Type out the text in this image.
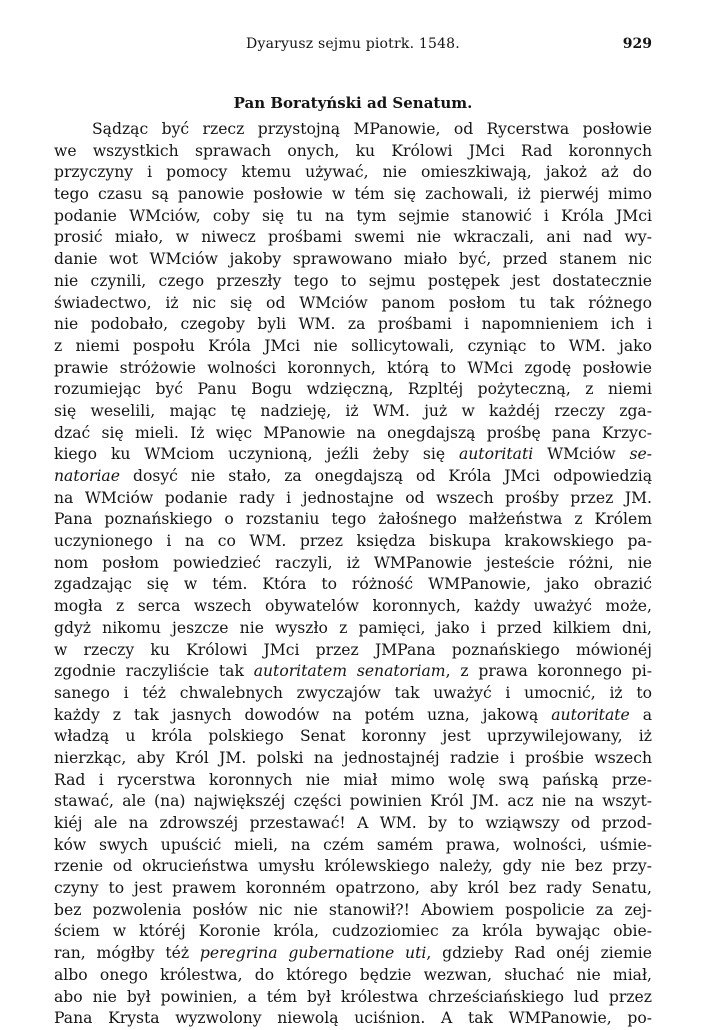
Dyaryusz sejmu piotrk. 1548.	929
Pan Boratyński ad Senatum.
Sądząc być rzecz przystojną MPanowie, od Rycerstwa posłowie
we wszystkich sprawach onych, ku Królowi JMci Rad koronnych
przyczyny i pomocy ktemu używać, nie omieszkiwają, jakoż aż do
tego czasu są panowie posłowie w tém się zachowali, iż pierwéj mimo
podanie WMciów, coby się tu na tym sejmie stanowić i Króla JMci
prosić miało, w niwecz prośbami swemi nie wkraczali, ani nad wy-
danie wot WMciów jakoby sprawowano miało być, przed stanem nic
nie czynili, czego przeszły tego to sejmu postępek jest dostatecznie
świadectwo, iż nic się od WMciów panom posłom tu tak różnego
nie podobało, czegoby byli WM. za prośbami i napomnieniem ich i
z niemi pospołu Króla JMci nie sollicytowali, czyniąc to WM. jako
prawie stróżowie wolności koronnych, którą to WMci zgodę posłowie
rozumiejąc być Panu Bogu wdzięczną, Rzpltéj pożyteczną, z niemi
się weselili, mając tę nadzieję, iż WM. już w każdéj rzeczy zga-
dzać się mieli. Iż więc MPanowie na onegdajszą prośbę pana Krzyc-
kiego ku WMciom uczynioną, jeźli żeby się autoritati WMciów se-
natoriae dosyć nie stało, za onegdajszą od Króla JMci odpowiedzią
na WMciów podanie rady i jednostajne od wszech prośby przez JM.
Pana poznańskiego o rozstaniu tego żałośnego małżeństwa z Królem
uczynionego i na co WM. przez księdza biskupa krakowskiego pa-
nom posłom powiedzieć raczyli, iż WMPanowie jesteście różni, nie
zgadzając się w tém. Która to różność WMPanowie, jako obrazić
mogła z serca wszech obywatelów koronnych, każdy uważyć może,
gdyż nikomu jeszcze nie wyszło z pamięci, jako i przed kilkiem dni,
w rzeczy ku Królowi JMci przez JMPana poznańskiego mówionéj
zgodnie raczyliście tak autoritatem senatoriam, z prawa koronnego pi-
sanego i téż chwalebnych zwyczajów tak uważyć i umocnić, iż to
każdy z tak jasnych dowodów na potém uzna, jakową autoritate a
władzą u króla polskiego Senat koronny jest uprzywilejowany, iż
nierzkąc, aby Król JM. polski na jednostajnéj radzie i prośbie wszech
Rad i rycerstwa koronnych nie miał mimo wolę swą pańską prze-
stawać, ale (na) największéj części powinien Król JM. acz nie na wszyt-
kiéj ale na zdrowszéj przestawać! A WM. by to wziąwszy od przod-
ków swych upuścić mieli, na czém samém prawa, wolności, uśmie-
rzenie od okrucieństwa umysłu królewskiego należy, gdy nie bez przy-
czyny to jest prawem koronném opatrzono, aby król bez rady Senatu,
bez pozwolenia posłów nic nie stanowił?! Abowiem pospolicie za zej-
ściem w któréj Koronie króla, cudzoziomiec za króla bywając obie-
ran, mógłby téż peregrina gubernatione uti, gdzieby Rad onéj ziemie
albo onego królestwa, do którego będzie wezwan, słuchać nie miał,
abo nie był powinien, a tém był królestwa chrześciańskiego lud przez
Pana Krysta wyzwolony niewolą uciśnion. A tak WMPanowie, po-
